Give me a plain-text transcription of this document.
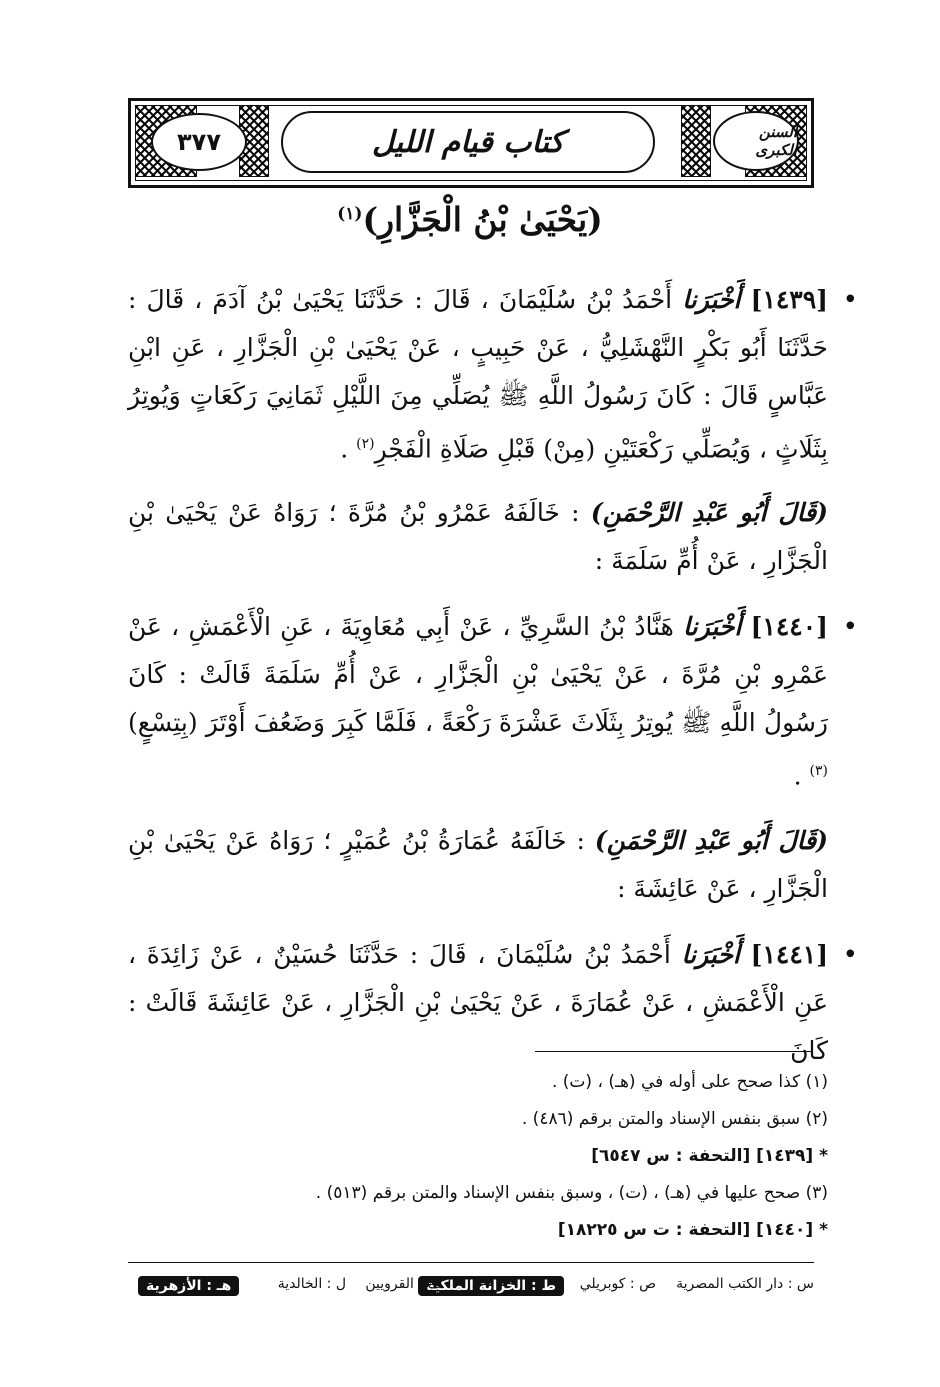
٣٧٧	كتاب قيام الليل	السنن الكبرى
(يَحْيَىٰ بْنُ الْجَزَّارِ)$^{(١)}$
•
[١٤٣٩] أَخْبَرَنا أَحْمَدُ بْنُ سُلَيْمَانَ ، قَالَ : حَدَّثَنَا يَحْيَىٰ بْنُ آدَمَ ، قَالَ : حَدَّثَنَا أَبُو بَكْرٍ النَّهْشَلِيُّ ، عَنْ حَبِيبٍ ، عَنْ يَحْيَىٰ بْنِ الْجَزَّارِ ، عَنِ ابْنِ عَبَّاسٍ قَالَ : كَانَ رَسُولُ اللَّهِ ﷺ يُصَلِّي مِنَ اللَّيْلِ ثَمَانِيَ رَكَعَاتٍ وَيُوتِرُ بِثَلَاثٍ ، وَيُصَلِّي رَكْعَتَيْنِ (مِنْ) قَبْلِ صَلَاةِ الْفَجْرِ$^{(٢)}$ .
(قَالَ أَبُو عَبْدِ الرَّحْمَنِ) : خَالَفَهُ عَمْرُو بْنُ مُرَّةَ ؛ رَوَاهُ عَنْ يَحْيَىٰ بْنِ الْجَزَّارِ ، عَنْ أُمِّ سَلَمَةَ :
•
[١٤٤٠] أَخْبَرَنا هَنَّادُ بْنُ السَّرِيِّ ، عَنْ أَبِي مُعَاوِيَةَ ، عَنِ الْأَعْمَشِ ، عَنْ عَمْرِو بْنِ مُرَّةَ ، عَنْ يَحْيَىٰ بْنِ الْجَزَّارِ ، عَنْ أُمِّ سَلَمَةَ قَالَتْ : كَانَ رَسُولُ اللَّهِ ﷺ يُوتِرُ بِثَلَاثَ عَشْرَةَ رَكْعَةً ، فَلَمَّا كَبِرَ وَضَعُفَ أَوْتَرَ (بِتِسْعٍ)$^{(٣)}$ .
(قَالَ أَبُو عَبْدِ الرَّحْمَنِ) : خَالَفَهُ عُمَارَةُ بْنُ عُمَيْرٍ ؛ رَوَاهُ عَنْ يَحْيَىٰ بْنِ الْجَزَّارِ ، عَنْ عَائِشَةَ :
•
[١٤٤١] أَخْبَرَنا أَحْمَدُ بْنُ سُلَيْمَانَ ، قَالَ : حَدَّثَنَا حُسَيْنٌ ، عَنْ زَائِدَةَ ، عَنِ الْأَعْمَشِ ، عَنْ عُمَارَةَ ، عَنْ يَحْيَىٰ بْنِ الْجَزَّارِ ، عَنْ عَائِشَةَ قَالَتْ : كَانَ
(١) كذا صحح على أوله في (هـ) ، (ت) .
(٢) سبق بنفس الإسناد والمتن برقم (٤٨٦) .
* [١٤٣٩] [التحفة : س ٦٥٤٧]
(٣) صحح عليها في (هـ) ، (ت) ، وسبق بنفس الإسناد والمتن برقم (٥١٣) .
* [١٤٤٠] [التحفة : ت س ١٨٢٢٥]
س : دار الكتب المصرية
ص : كوبريلي
ط : الخزانة الملكية
ف : القرويين
ل : الخالدية
هـ : الأزهرية
